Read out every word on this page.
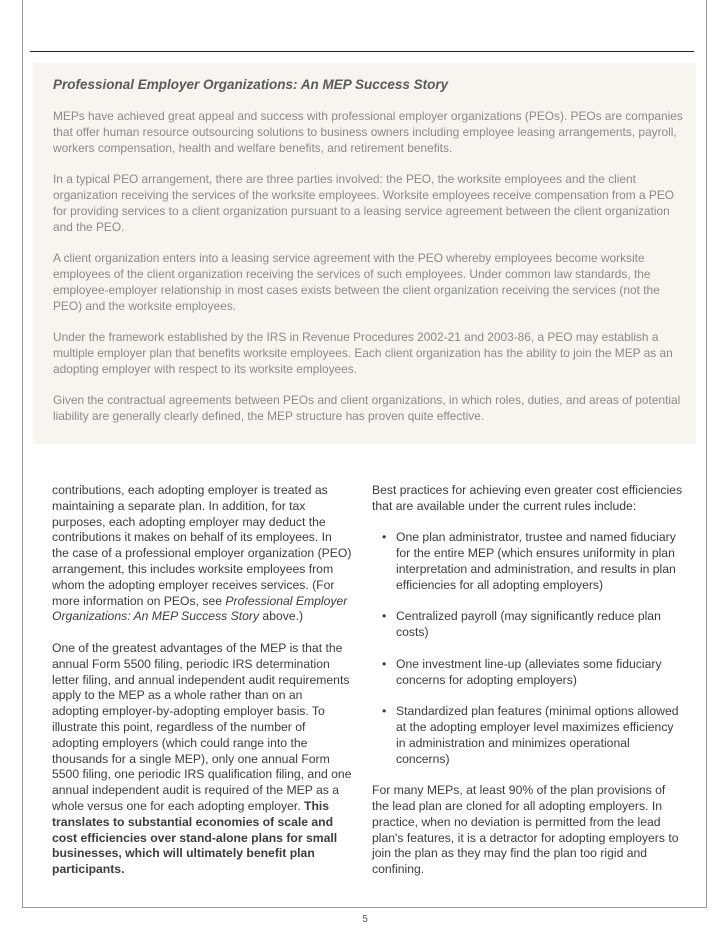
Professional Employer Organizations: An MEP Success Story

MEPs have achieved great appeal and success with professional employer organizations (PEOs). PEOs are companies that offer human resource outsourcing solutions to business owners including employee leasing arrangements, payroll, workers compensation, health and welfare benefits, and retirement benefits.

In a typical PEO arrangement, there are three parties involved: the PEO, the worksite employees and the client organization receiving the services of the worksite employees. Worksite employees receive compensation from a PEO for providing services to a client organization pursuant to a leasing service agreement between the client organization and the PEO.

A client organization enters into a leasing service agreement with the PEO whereby employees become worksite employees of the client organization receiving the services of such employees. Under common law standards, the employee-employer relationship in most cases exists between the client organization receiving the services (not the PEO) and the worksite employees.

Under the framework established by the IRS in Revenue Procedures 2002-21 and 2003-86, a PEO may establish a multiple employer plan that benefits worksite employees. Each client organization has the ability to join the MEP as an adopting employer with respect to its worksite employees.

Given the contractual agreements between PEOs and client organizations, in which roles, duties, and areas of potential liability are generally clearly defined, the MEP structure has proven quite effective.

contributions, each adopting employer is treated as maintaining a separate plan. In addition, for tax purposes, each adopting employer may deduct the contributions it makes on behalf of its employees. In the case of a professional employer organization (PEO) arrangement, this includes worksite employees from whom the adopting employer receives services. (For more information on PEOs, see Professional Employer Organizations: An MEP Success Story above.)

One of the greatest advantages of the MEP is that the annual Form 5500 filing, periodic IRS determination letter filing, and annual independent audit requirements apply to the MEP as a whole rather than on an adopting employer-by-adopting employer basis. To illustrate this point, regardless of the number of adopting employers (which could range into the thousands for a single MEP), only one annual Form 5500 filing, one periodic IRS qualification filing, and one annual independent audit is required of the MEP as a whole versus one for each adopting employer. This translates to substantial economies of scale and cost efficiencies over stand-alone plans for small businesses, which will ultimately benefit plan participants.

Best practices for achieving even greater cost efficiencies that are available under the current rules include:

• One plan administrator, trustee and named fiduciary for the entire MEP (which ensures uniformity in plan interpretation and administration, and results in plan efficiencies for all adopting employers)
• Centralized payroll (may significantly reduce plan costs)
• One investment line-up (alleviates some fiduciary concerns for adopting employers)
• Standardized plan features (minimal options allowed at the adopting employer level maximizes efficiency in administration and minimizes operational concerns)

For many MEPs, at least 90% of the plan provisions of the lead plan are cloned for all adopting employers. In practice, when no deviation is permitted from the lead plan's features, it is a detractor for adopting employers to join the plan as they may find the plan too rigid and confining.

5
